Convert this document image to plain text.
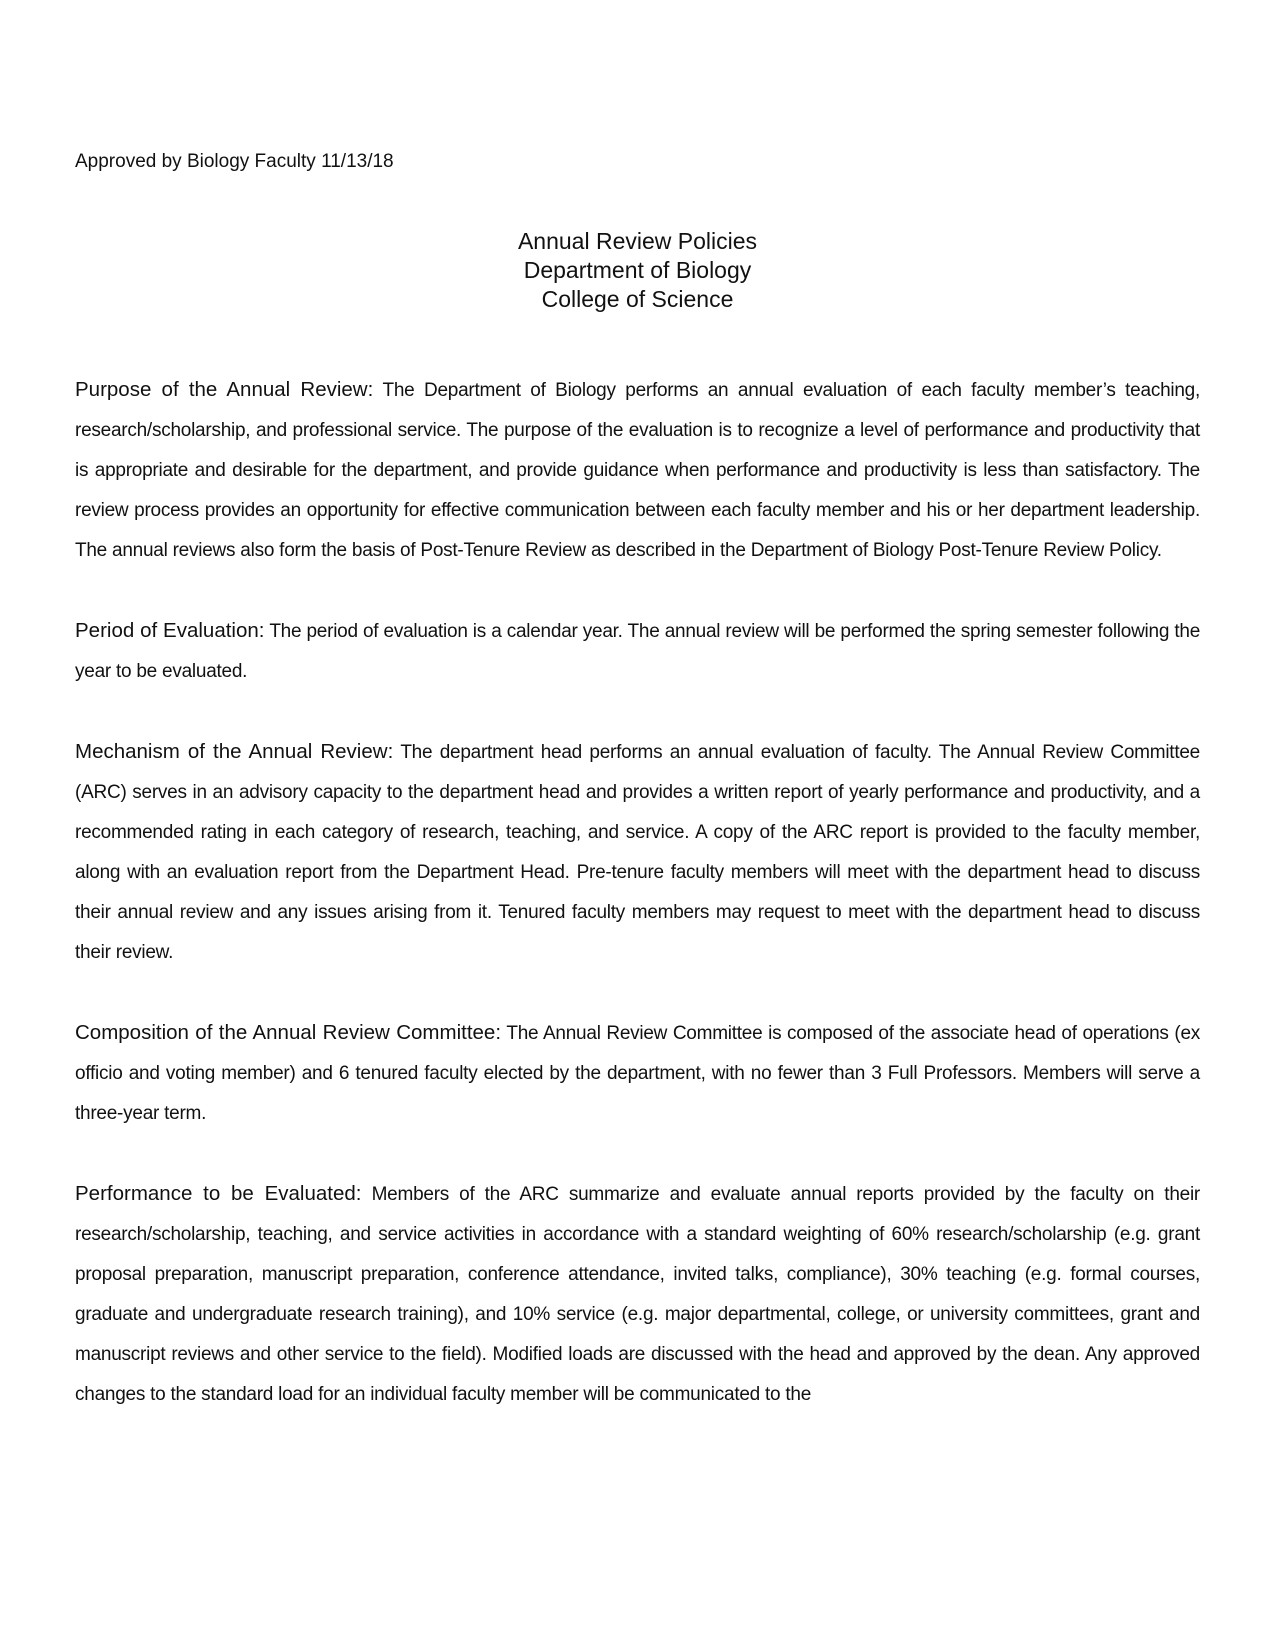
Approved by Biology Faculty 11/13/18
Annual Review Policies
Department of Biology
College of Science

Purpose of the Annual Review: The Department of Biology performs an annual evaluation of each faculty member’s teaching, research/scholarship, and professional service. The purpose of the evaluation is to recognize a level of performance and productivity that is appropriate and desirable for the department, and provide guidance when performance and productivity is less than satisfactory. The review process provides an opportunity for effective communication between each faculty member and his or her department leadership. The annual reviews also form the basis of Post-Tenure Review as described in the Department of Biology Post-Tenure Review Policy.

Period of Evaluation: The period of evaluation is a calendar year. The annual review will be performed the spring semester following the year to be evaluated.

Mechanism of the Annual Review: The department head performs an annual evaluation of faculty. The Annual Review Committee (ARC) serves in an advisory capacity to the department head and provides a written report of yearly performance and productivity, and a recommended rating in each category of research, teaching, and service. A copy of the ARC report is provided to the faculty member, along with an evaluation report from the Department Head. Pre-tenure faculty members will meet with the department head to discuss their annual review and any issues arising from it. Tenured faculty members may request to meet with the department head to discuss their review.

Composition of the Annual Review Committee: The Annual Review Committee is composed of the associate head of operations (ex officio and voting member) and 6 tenured faculty elected by the department, with no fewer than 3 Full Professors. Members will serve a three-year term.

Performance to be Evaluated: Members of the ARC summarize and evaluate annual reports provided by the faculty on their research/scholarship, teaching, and service activities in accordance with a standard weighting of 60% research/scholarship (e.g. grant proposal preparation, manuscript preparation, conference attendance, invited talks, compliance), 30% teaching (e.g. formal courses, graduate and undergraduate research training), and 10% service (e.g. major departmental, college, or university committees, grant and manuscript reviews and other service to the field). Modified loads are discussed with the head and approved by the dean. Any approved changes to the standard load for an individual faculty member will be communicated to the
